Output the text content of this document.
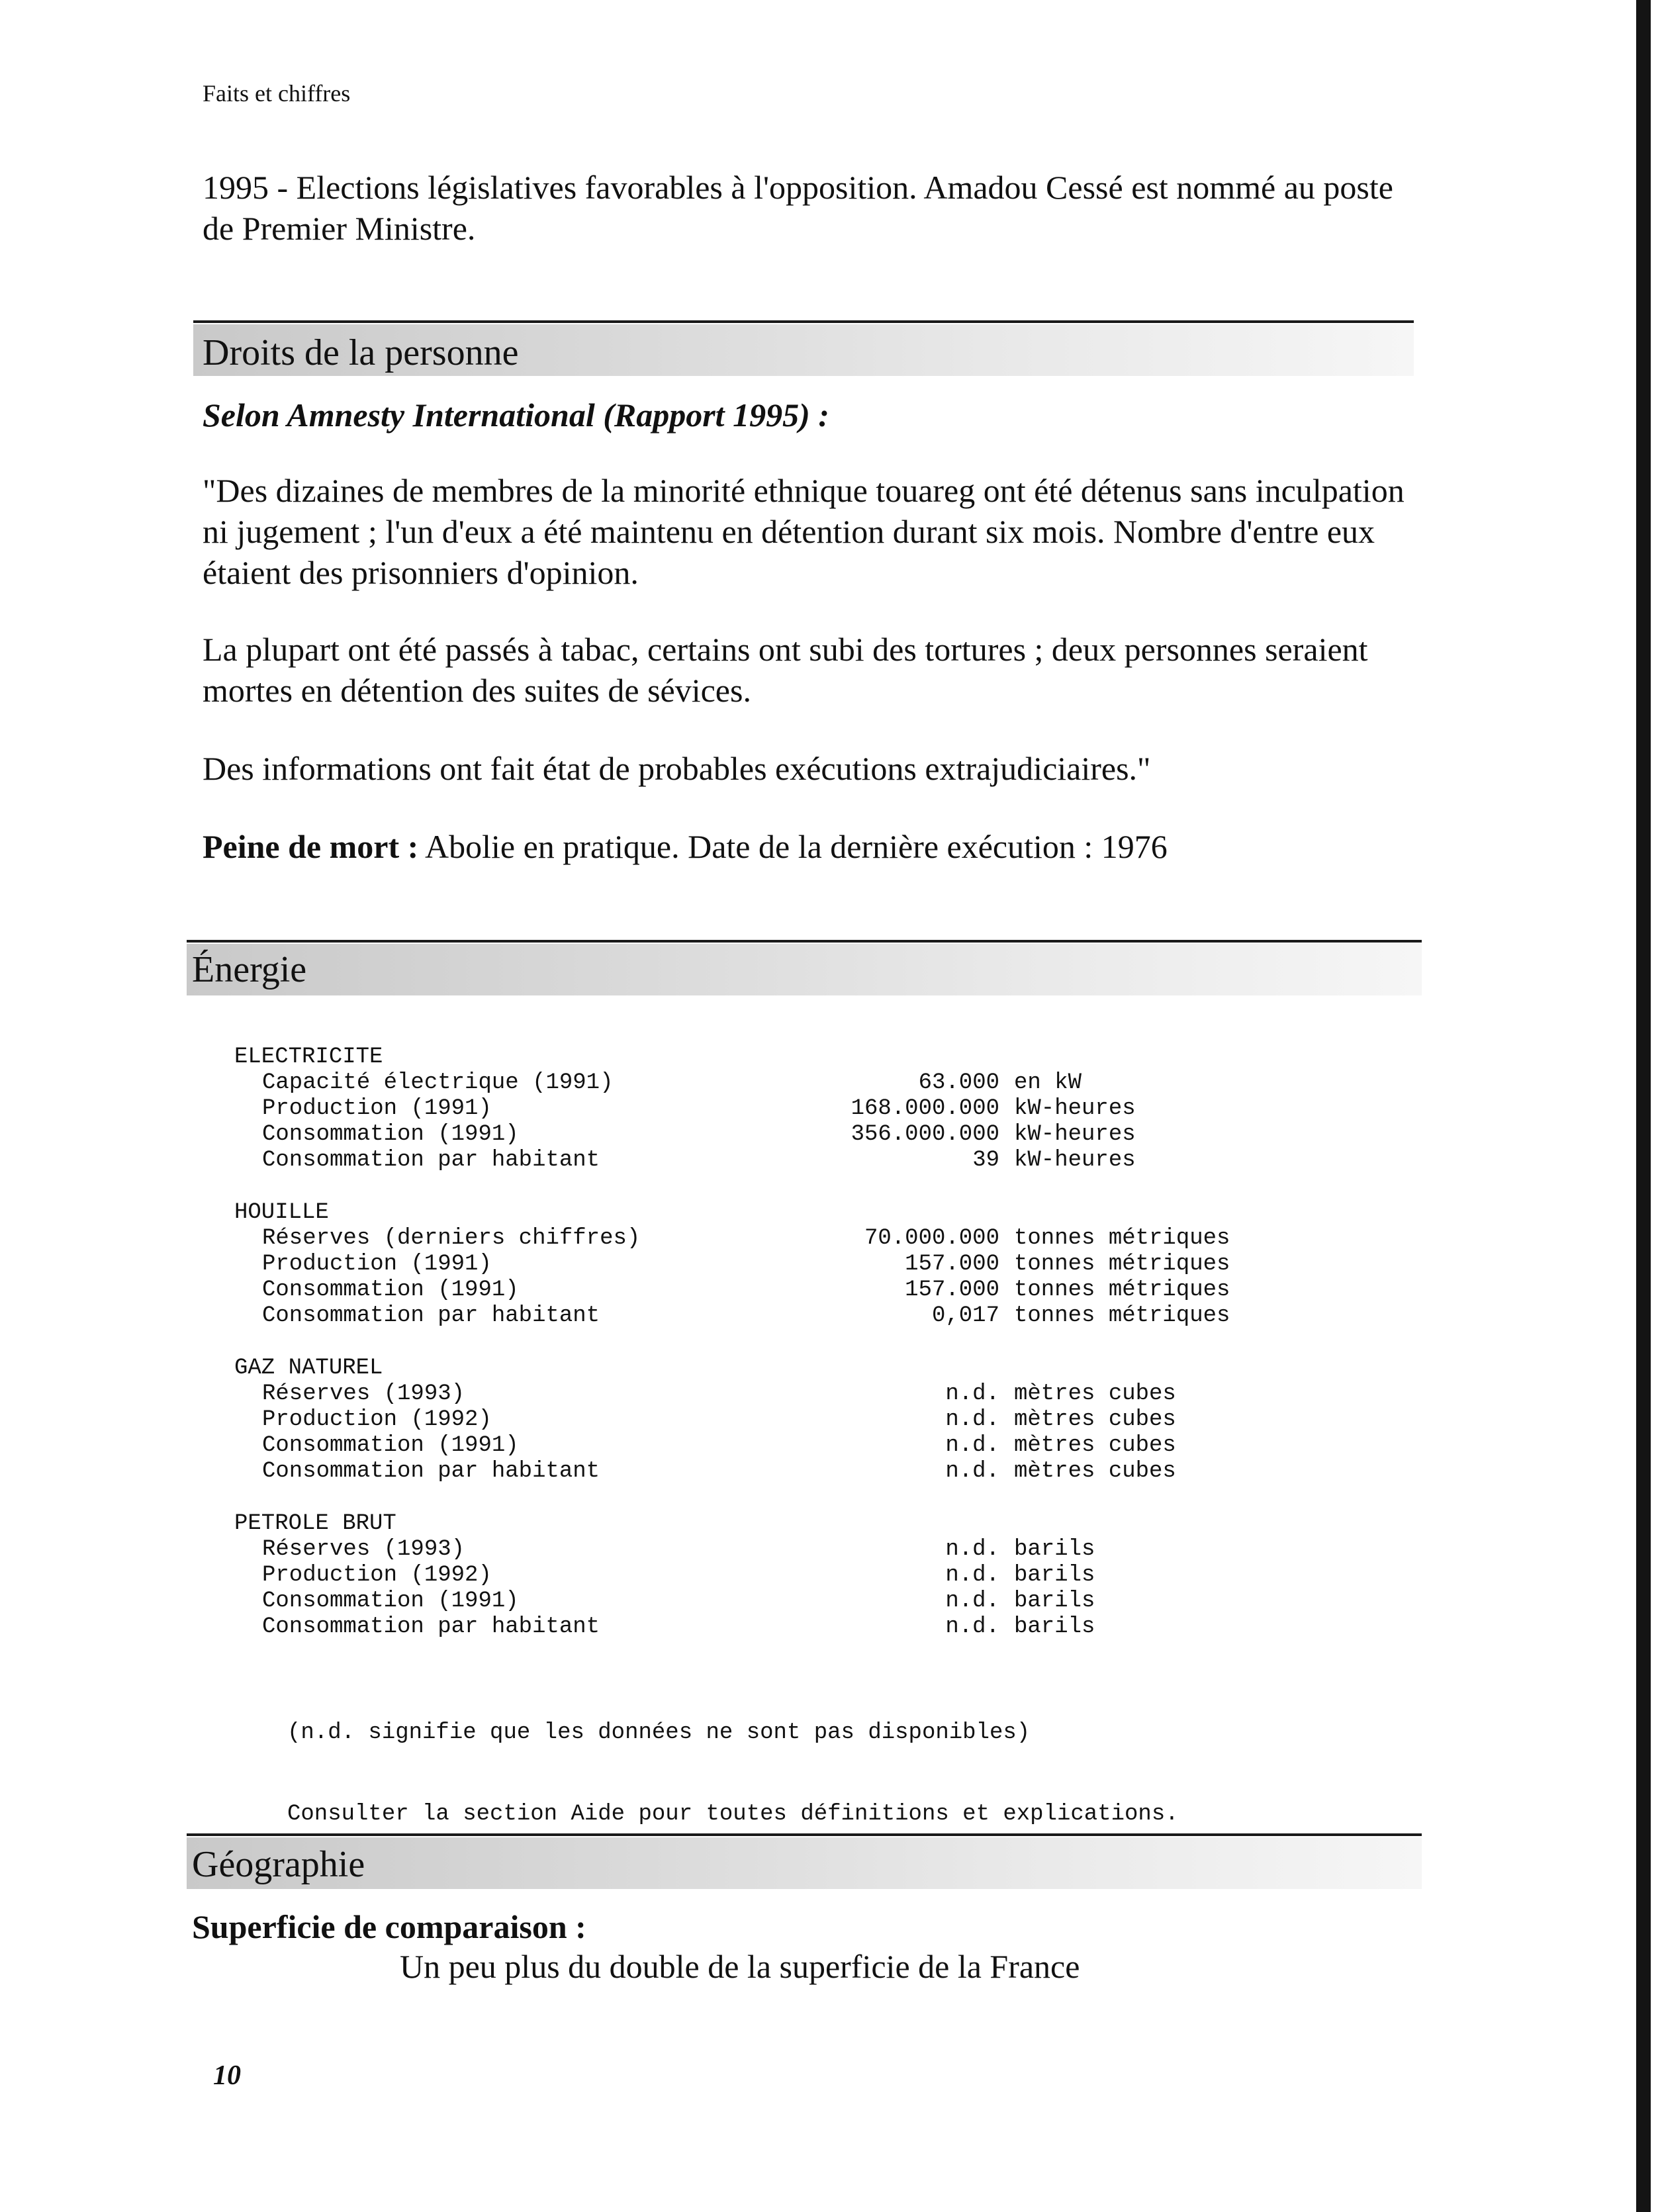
Faits et chiffres

1995 - Elections législatives favorables à l'opposition. Amadou Cessé est nommé au poste de Premier Ministre.

Droits de la personne
Selon Amnesty International (Rapport 1995) :

"Des dizaines de membres de la minorité ethnique touareg ont été détenus sans inculpation ni jugement ; l'un d'eux a été maintenu en détention durant six mois. Nombre d'entre eux étaient des prisonniers d'opinion.

La plupart ont été passés à tabac, certains ont subi des tortures ; deux personnes seraient mortes en détention des suites de sévices.

Des informations ont fait état de probables exécutions extrajudiciaires."

Peine de mort : Abolie en pratique. Date de la dernière exécution : 1976

Énergie
ELECTRICITE
Capacité électrique (1991)	63.000 en kW
Production (1991)	168.000.000 kW-heures
Consommation (1991)	356.000.000 kW-heures
Consommation par habitant	39 kW-heures
HOUILLE
Réserves (derniers chiffres)	70.000.000 tonnes métriques
Production (1991)	157.000 tonnes métriques
Consommation (1991)	157.000 tonnes métriques
Consommation par habitant	0,017 tonnes métriques
GAZ NATUREL
Réserves (1993)	n.d. mètres cubes
Production (1992)	n.d. mètres cubes
Consommation (1991)	n.d. mètres cubes
Consommation par habitant	n.d. mètres cubes
PETROLE BRUT
Réserves (1993)	n.d. barils
Production (1992)	n.d. barils
Consommation (1991)	n.d. barils
Consommation par habitant	n.d. barils

(n.d. signifie que les données ne sont pas disponibles)

Consulter la section Aide pour toutes définitions et explications.

Géographie
Superficie de comparaison :
Un peu plus du double de la superficie de la France
10
